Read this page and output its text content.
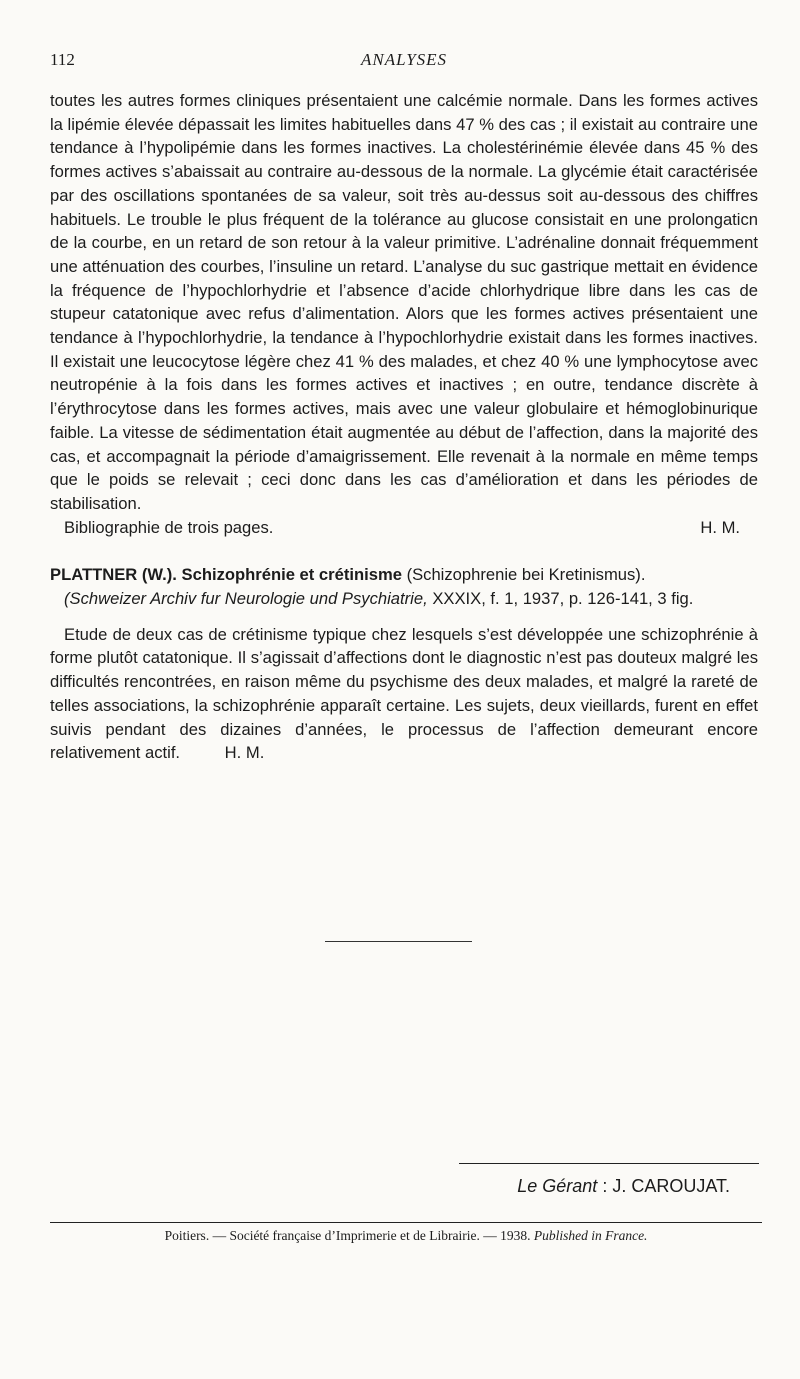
112	ANALYSES

toutes les autres formes cliniques présentaient une calcémie normale. Dans les formes actives la lipémie élevée dépassait les limites habituelles dans 47 % des cas ; il existait au contraire une tendance à l’hypolipémie dans les formes inactives. La cholestérinémie élevée dans 45 % des formes actives s’abaissait au contraire au-dessous de la normale. La glycémie était caractérisée par des oscillations spontanées de sa valeur, soit très au-dessus soit au-dessous des chiffres habituels. Le trouble le plus fréquent de la tolérance au glucose consistait en une prolongaticn de la courbe, en un retard de son retour à la valeur primitive. L’adrénaline donnait fréquemment une atténuation des courbes, l’insuline un retard. L’analyse du suc gastrique mettait en évidence la fréquence de l’hypochlorhydrie et l’absence d’acide chlorhydrique libre dans les cas de stupeur catatonique avec refus d’alimentation. Alors que les formes actives présentaient une tendance à l’hypochlorhydrie, la tendance à l’hypochlorhydrie existait dans les formes inactives. Il existait une leucocytose légère chez 41 % des malades, et chez 40 % une lymphocytose avec neutropénie à la fois dans les formes actives et inactives ; en outre, tendance discrète à l’érythrocytose dans les formes actives, mais avec une valeur globulaire et hémoglobinurique faible. La vitesse de sédimentation était augmentée au début de l’affection, dans la majorité des cas, et accompagnait la période d’amaigrissement. Elle revenait à la normale en même temps que le poids se relevait ; ceci donc dans les cas d’amélioration et dans les périodes de stabilisation.

Bibliographie de trois pages.	H. M.

PLATTNER (W.). Schizophrénie et crétinisme (Schizophrenie bei Kretinismus).

(Schweizer Archiv fur Neurologie und Psychiatrie, XXXIX, f. 1, 1937, p. 126-141, 3 fig.

Etude de deux cas de crétinisme typique chez lesquels s’est développée une schizophrénie à forme plutôt catatonique. Il s’agissait d’affections dont le diagnostic n’est pas douteux malgré les difficultés rencontrées, en raison même du psychisme des deux malades, et malgré la rareté de telles associations, la schizophrénie apparaît certaine. Les sujets, deux vieillards, furent en effet suivis pendant des dizaines d’années, le processus de l’affection demeurant encore relativement actif.	H. M.

Le Gérant : J. CAROUJAT.
Poitiers. — Société française d’Imprimerie et de Librairie. — 1938. Published in France.
